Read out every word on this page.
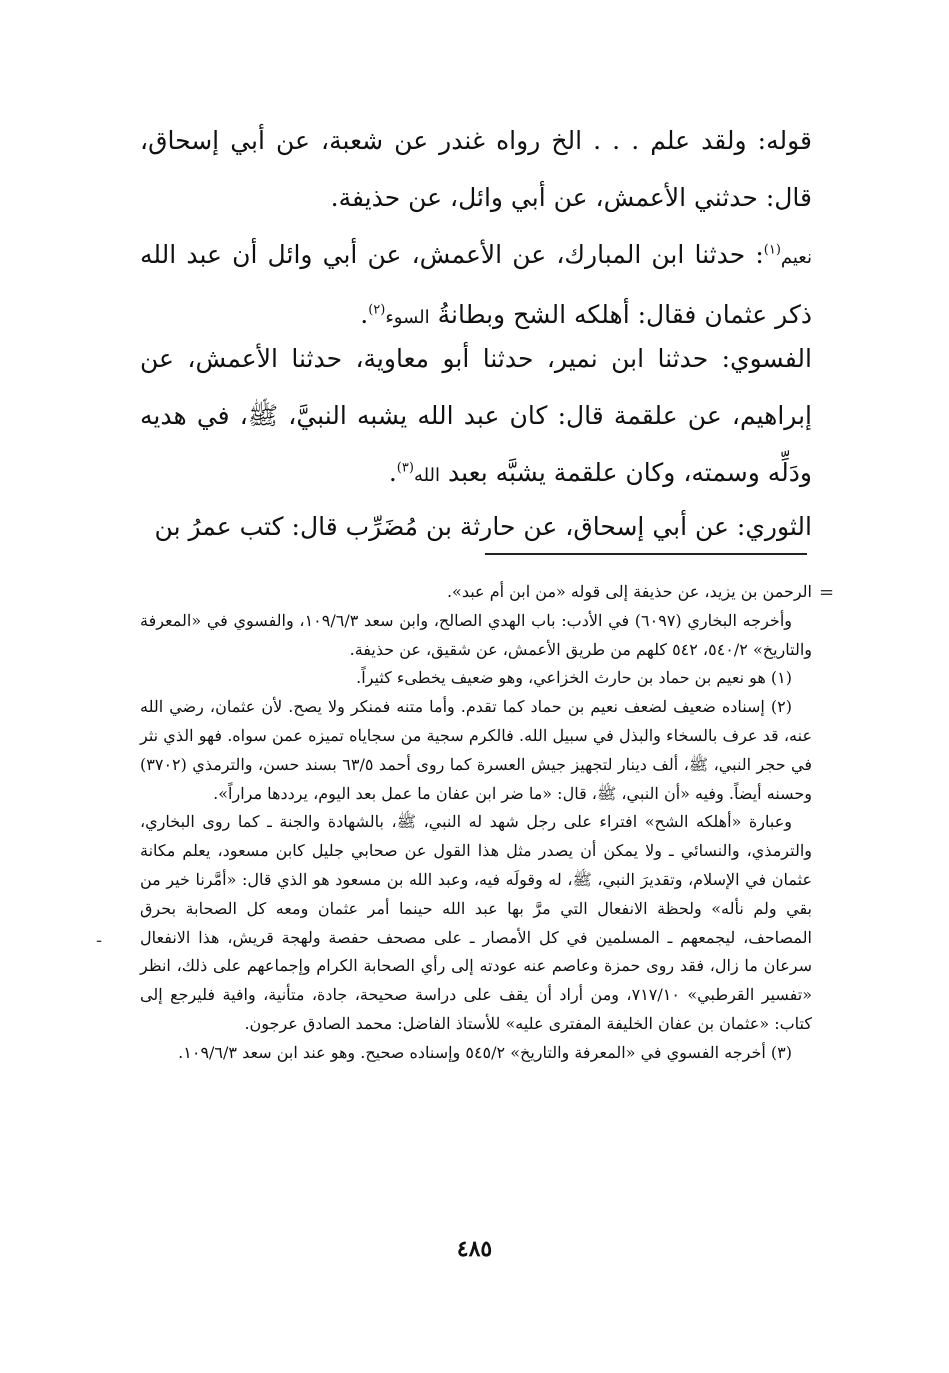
قوله: ولقد علم . . . الخ رواه غندر عن شعبة، عن أبي إسحاق، قال: حدثني الأعمش، عن أبي وائل، عن حذيفة.

نعيم$^{(١)}$: حدثنا ابن المبارك، عن الأعمش، عن أبي وائل أن عبد الله ذكر عثمان فقال: أهلكه الشح وبطانةُ السوء$^{(٢)}$.

الفسوي: حدثنا ابن نمير، حدثنا أبو معاوية، حدثنا الأعمش، عن إبراهيم، عن علقمة قال: كان عبد الله يشبه النبيَّ، ﷺ، في هديه ودَلِّه وسمته، وكان علقمة يشبَّه بعبد الله$^{(٣)}$.

الثوري: عن أبي إسحاق، عن حارثة بن مُضَرِّب قال: كتب عمرُ بن

=
-

الرحمن بن يزيد، عن حذيفة إلى قوله «من ابن أم عبد».

وأخرجه البخاري (٦٠٩٧) في الأدب: باب الهدي الصالح، وابن سعد ١٠٩/٦/٣، والفسوي في «المعرفة والتاريخ» ٥٤٠/٢، ٥٤٢ كلهم من طريق الأعمش، عن شقيق، عن حذيفة.

(١) هو نعيم بن حماد بن حارث الخزاعي، وهو ضعيف يخطىء كثيراً.

(٢) إسناده ضعيف لضعف نعيم بن حماد كما تقدم. وأما متنه فمنكر ولا يصح. لأن عثمان، رضي الله عنه، قد عرف بالسخاء والبذل في سبيل الله. فالكرم سجية من سجاياه تميزه عمن سواه. فهو الذي نثر في حجر النبي، ﷺ، ألف دينار لتجهيز جيش العسرة كما روى أحمد ٦٣/٥ بسند حسن، والترمذي (٣٧٠٢) وحسنه أيضاً. وفيه «أن النبي، ﷺ، قال: «ما ضر ابن عفان ما عمل بعد اليوم، يرددها مراراً».

وعبارة «أهلكه الشح» افتراء على رجل شهد له النبي، ﷺ، بالشهادة والجنة ـ كما روى البخاري، والترمذي، والنسائي ـ ولا يمكن أن يصدر مثل هذا القول عن صحابي جليل كابن مسعود، يعلم مكانة عثمان في الإسلام، وتقديرَ النبي، ﷺ، له وقولَه فيه، وعبد الله بن مسعود هو الذي قال: «أمَّرنا خير من بقي ولم نأله» ولحظة الانفعال التي مرَّ بها عبد الله حينما أمر عثمان ومعه كل الصحابة بحرق المصاحف، ليجمعهم ـ المسلمين في كل الأمصار ـ على مصحف حفصة ولهجة قريش، هذا الانفعال سرعان ما زال، فقد روى حمزة وعاصم عنه عودته إلى رأي الصحابة الكرام وإجماعهم على ذلك، انظر «تفسير القرطبي» ٧١٧/١٠، ومن أراد أن يقف على دراسة صحيحة، جادة، متأنية، وافية فليرجع إلى كتاب: «عثمان بن عفان الخليفة المفترى عليه» للأستاذ الفاضل: محمد الصادق عرجون.

(٣) أخرجه الفسوي في «المعرفة والتاريخ» ٥٤٥/٢ وإسناده صحيح. وهو عند ابن سعد ١٠٩/٦/٣.

٤٨٥
